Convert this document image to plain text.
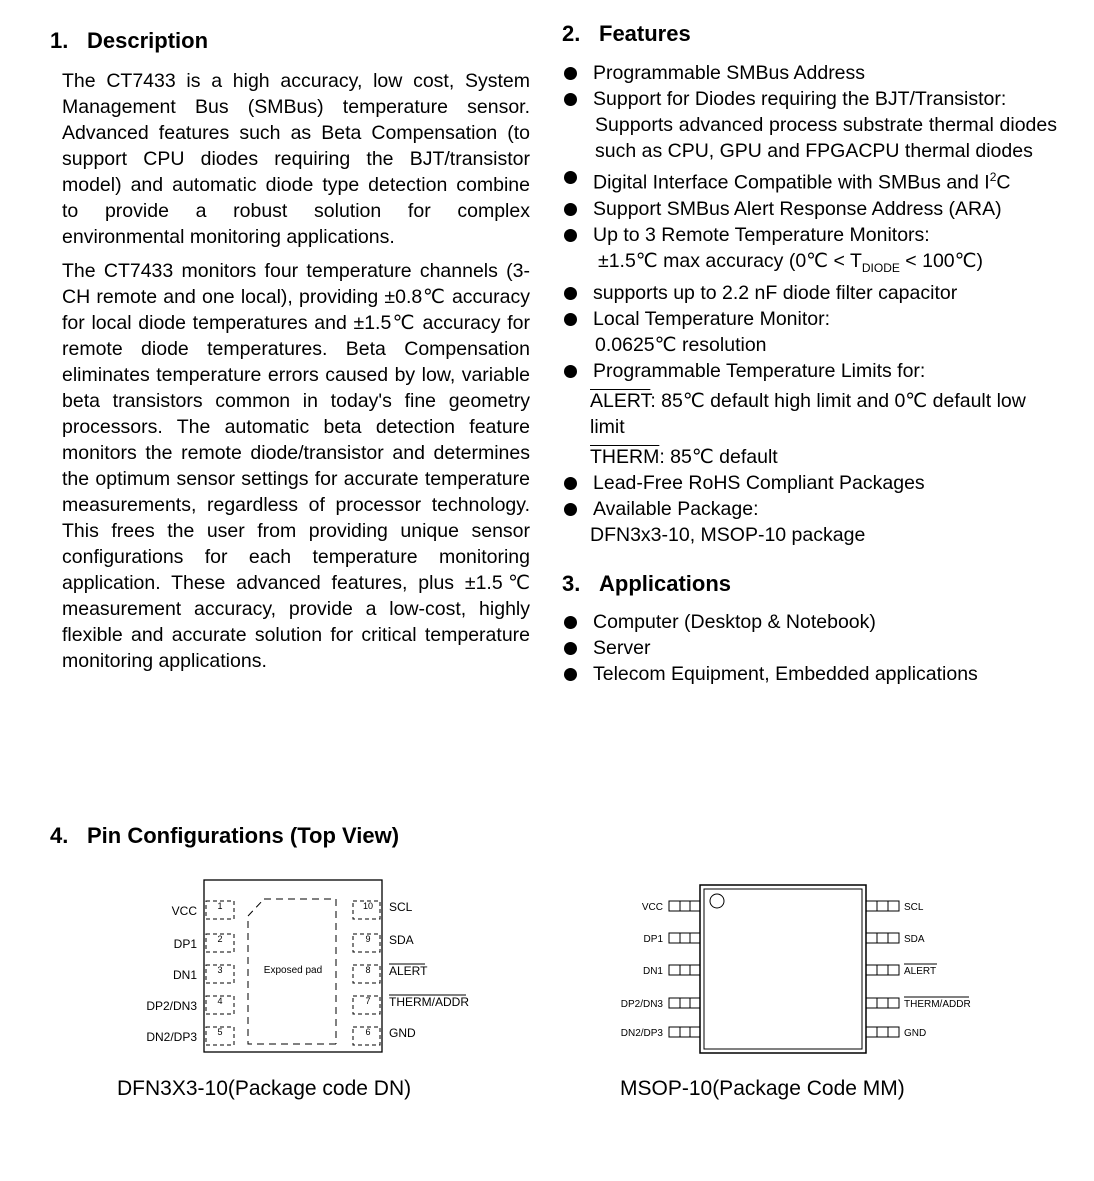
1. Description

The CT7433 is a high accuracy, low cost, System Management Bus (SMBus) temperature sensor. Advanced features such as Beta Compensation (to support CPU diodes requiring the BJT/transistor model) and automatic diode type detection combine to provide a robust solution for complex environmental monitoring applications.

The CT7433 monitors four temperature channels (3-CH remote and one local), providing ±0.8℃ accuracy for local diode temperatures and ±1.5℃ accuracy for remote diode temperatures. Beta Compensation eliminates temperature errors caused by low, variable beta transistors common in today's fine geometry processors. The automatic beta detection feature monitors the remote diode/transistor and determines the optimum sensor settings for accurate temperature measurements, regardless of processor technology. This frees the user from providing unique sensor configurations for each temperature monitoring application. These advanced features, plus ±1.5℃ measurement accuracy, provide a low-cost, highly flexible and accurate solution for critical temperature monitoring applications.

2. Features
Programmable SMBus Address
Support for Diodes requiring the BJT/Transistor:
Supports advanced process substrate thermal diodes such as CPU, GPU and FPGACPU thermal diodes
Digital Interface Compatible with SMBus and $I^2C$
Support SMBus Alert Response Address (ARA)
Up to 3 Remote Temperature Monitors:
±1.5℃ max accuracy (0℃ < $T_{DIODE}$ < 100℃)
supports up to 2.2 nF diode filter capacitor
Local Temperature Monitor:
0.0625℃ resolution
Programmable Temperature Limits for:
ALERT: 85℃ default high limit and 0℃ default low limit
THERM: 85℃ default
Lead-Free RoHS Compliant Packages
Available Package:
DFN3x3-10, MSOP-10 package
3. Applications
Computer (Desktop & Notebook)
Server
Telecom Equipment, Embedded applications
4. Pin Configurations (Top View)
Exposed pad
1
VCC	10 SCL
2
DP1	9 SDA
3
DN1	8 ALERT
4
DP2/DN3	7 THERM/ADDR
5
DN2/DP3	6 GND
DFN3X3-10(Package code DN)
VCC	SCL
DP1	SDA
DN1	ALERT
DP2/DN3	THERM/ADDR
DN2/DP3	GND
MSOP-10(Package Code MM)
